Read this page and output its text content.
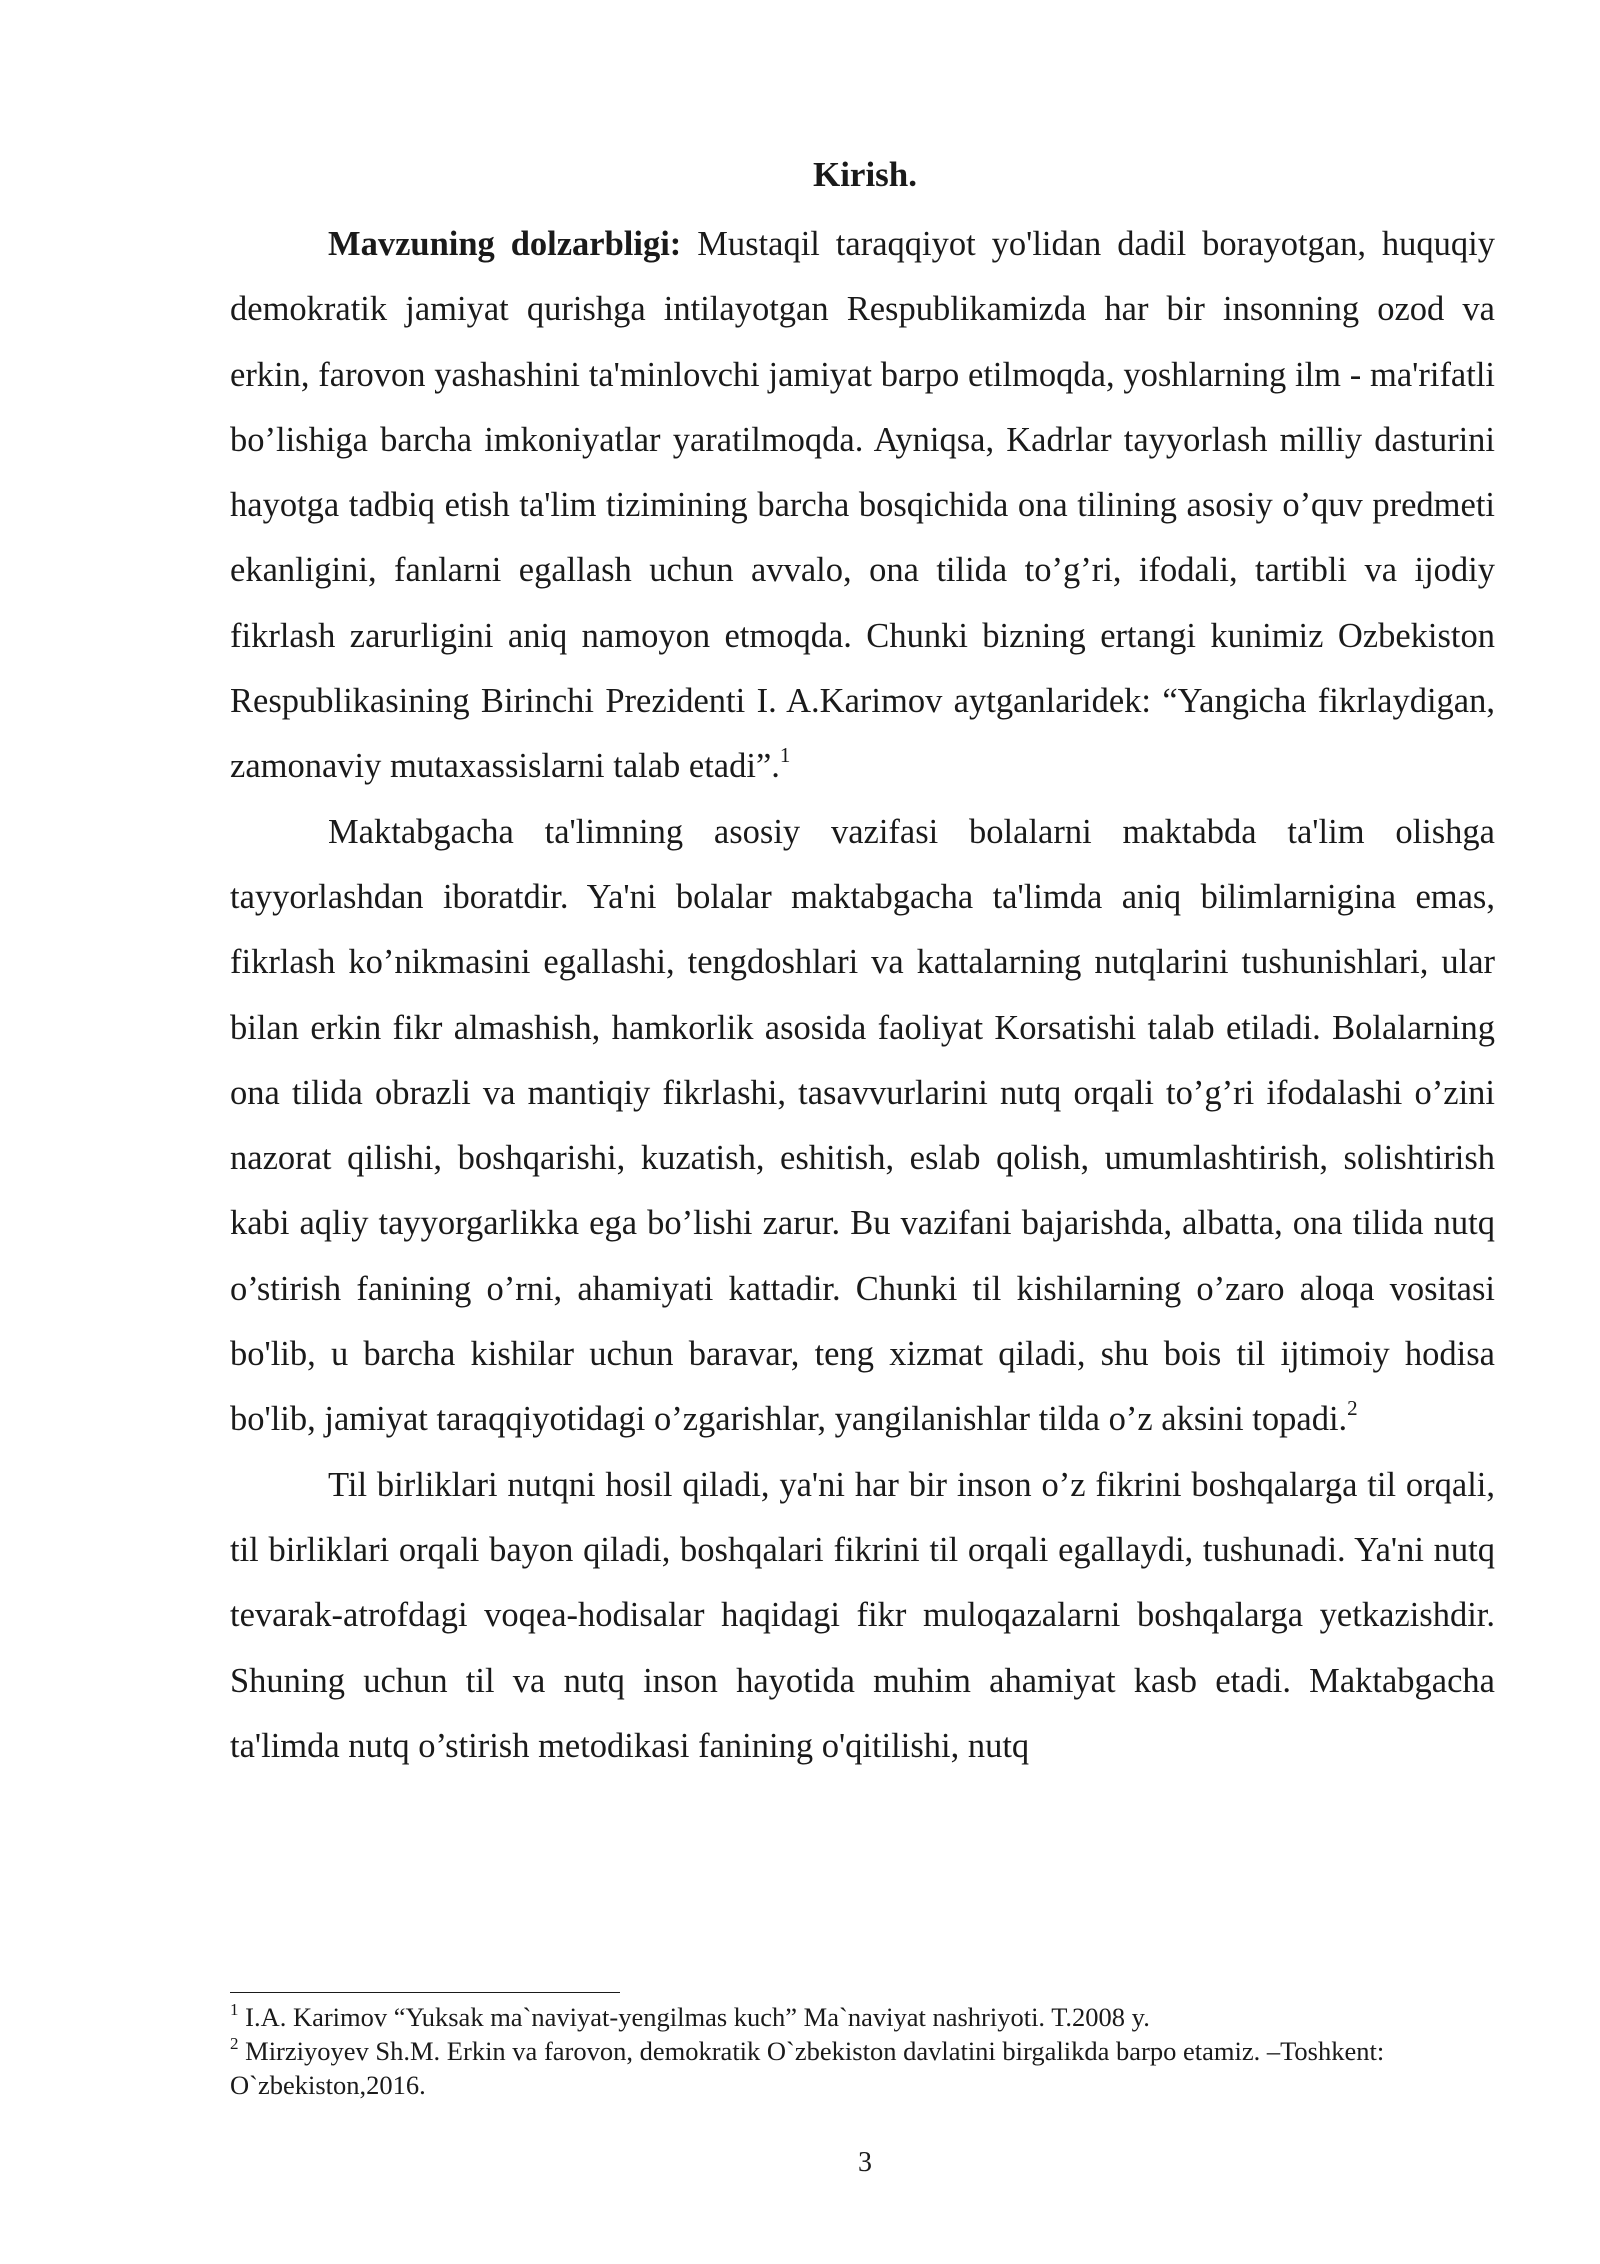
Kirish.

Mavzuning dolzarbligi: Mustaqil taraqqiyot yo'lidan dadil borayotgan, huquqiy demokratik jamiyat qurishga intilayotgan Respublikamizda har bir insonning ozod va erkin, farovon yashashini ta'minlovchi jamiyat barpo etilmoqda, yoshlarning ilm - ma'rifatli bo’lishiga barcha imkoniyatlar yaratilmoqda. Ayniqsa, Kadrlar tayyorlash milliy dasturini hayotga tadbiq etish ta'lim tizimining barcha bosqichida ona tilining asosiy o’quv predmeti ekanligini, fanlarni egallash uchun avvalo, ona tilida to’g’ri, ifodali, tartibli va ijodiy fikrlash zarurligini aniq namoyon etmoqda. Chunki bizning ertangi kunimiz Ozbekiston Respublikasining Birinchi Prezidenti I. A.Karimov aytganlaridek: “Yangicha fikrlaydigan, zamonaviy mutaxassislarni talab etadi”.$^1$

Maktabgacha ta'limning asosiy vazifasi bolalarni maktabda ta'lim olishga tayyorlashdan iboratdir. Ya'ni bolalar maktabgacha ta'limda aniq bilimlarnigina emas, fikrlash ko’nikmasini egallashi, tengdoshlari va kattalarning nutqlarini tushunishlari, ular bilan erkin fikr almashish, hamkorlik asosida faoliyat Korsatishi talab etiladi. Bolalarning ona tilida obrazli va mantiqiy fikrlashi, tasavvurlarini nutq orqali to’g’ri ifodalashi o’zini nazorat qilishi, boshqarishi, kuzatish, eshitish, eslab qolish, umumlashtirish, solishtirish kabi aqliy tayyorgarlikka ega bo’lishi zarur. Bu vazifani bajarishda, albatta, ona tilida nutq o’stirish fanining o’rni, ahamiyati kattadir. Chunki til kishilarning o’zaro aloqa vositasi bo'lib, u barcha kishilar uchun baravar, teng xizmat qiladi, shu bois til ijtimoiy hodisa bo'lib, jamiyat taraqqiyotidagi o’zgarishlar, yangilanishlar tilda o’z aksini topadi.$^2$

Til birliklari nutqni hosil qiladi, ya'ni har bir inson o’z fikrini boshqalarga til orqali, til birliklari orqali bayon qiladi, boshqalari fikrini til orqali egallaydi, tushunadi. Ya'ni nutq tevarak-atrofdagi voqea-hodisalar haqidagi fikr muloqazalarni boshqalarga yetkazishdir. Shuning uchun til va nutq inson hayotida muhim ahamiyat kasb etadi. Maktabgacha ta'limda nutq o’stirish metodikasi fanining o'qitilishi, nutq

$^1$ I.A. Karimov “Yuksak ma`naviyat-yengilmas kuch” Ma`naviyat nashriyoti. T.2008 y.

$^2$ Mirziyoyev Sh.M. Erkin va farovon, demokratik O`zbekiston davlatini birgalikda barpo etamiz. –Toshkent: O`zbekiston,2016.

3
